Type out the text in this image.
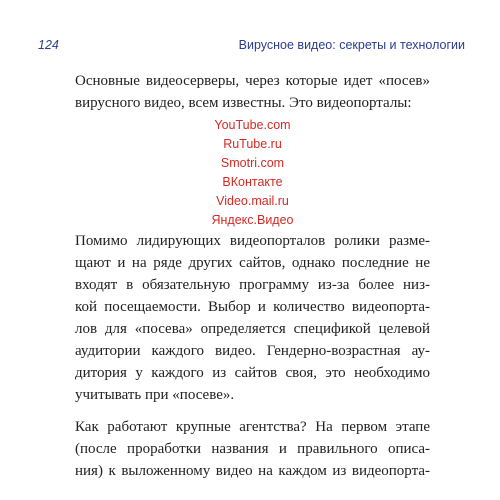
124	Вирусное видео: секреты и технологии

Основные видеосерверы, через которые идет «посев»
вирусного видео, всем известны. Это видеопорталы:

YouTube.com
RuTube.ru
Smotri.com
ВКонтакте
Video.mail.ru
Яндекс.Видео

Помимо лидирующих видеопорталов ролики разме-
щают и на ряде других сайтов, однако последние не
входят в обязательную программу из-за более низ-
кой посещаемости. Выбор и количество видеопорта-
лов для «посева» определяется спецификой целевой
аудитории каждого видео. Гендерно-возрастная ау-
дитория у каждого из сайтов своя, это необходимо
учитывать при «посеве».

Как работают крупные агентства? На первом этапе
(после проработки названия и правильного описа-
ния) к выложенному видео на каждом из видеопорта-
